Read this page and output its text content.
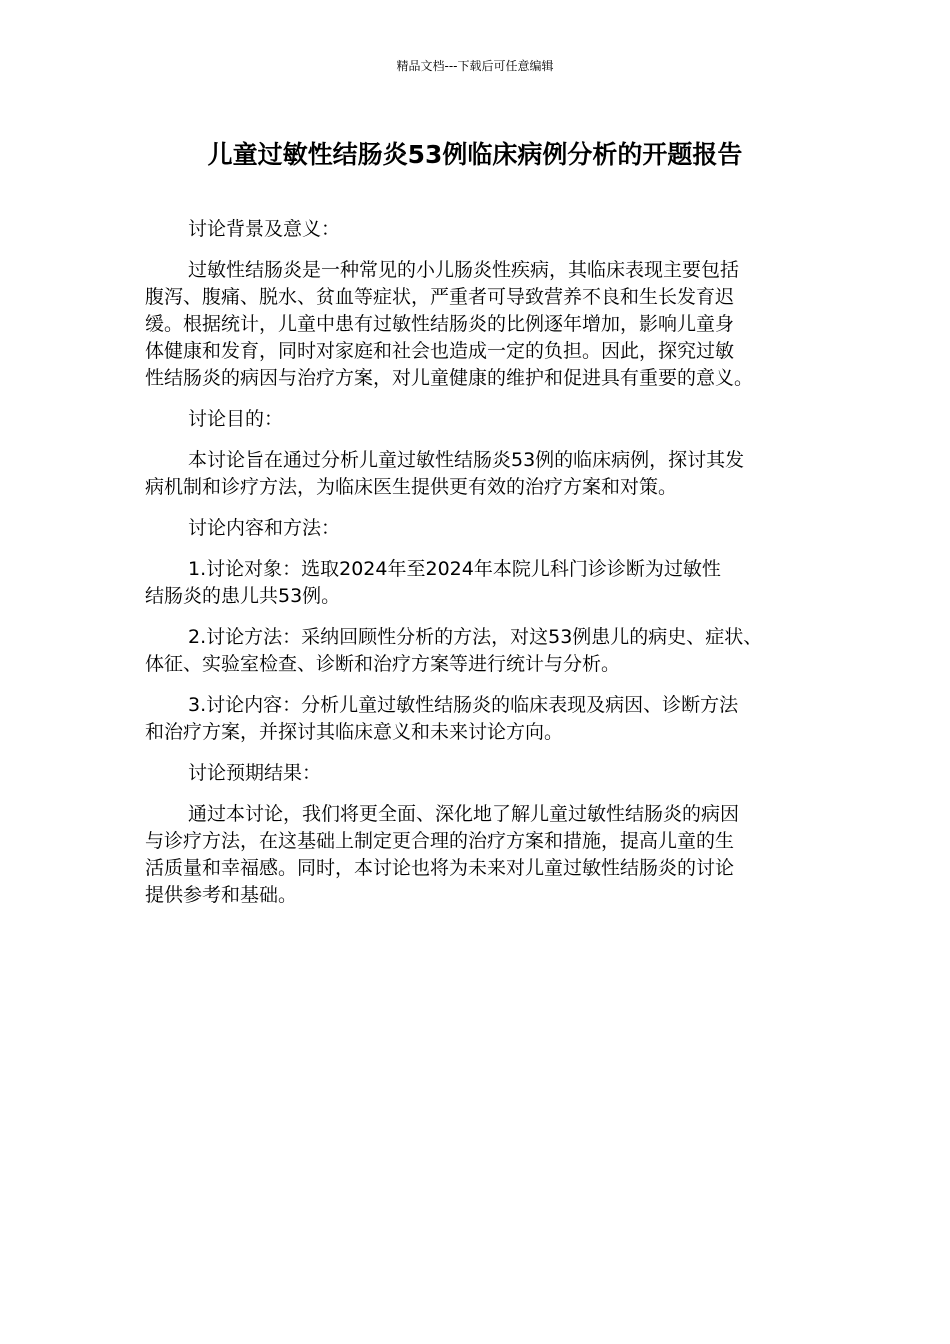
精品文档---下载后可任意编辑
儿童过敏性结肠炎53例临床病例分析的开题报告

讨论背景及意义：

过敏性结肠炎是一种常见的小儿肠炎性疾病，其临床表现主要包括
腹泻、腹痛、脱水、贫血等症状，严重者可导致营养不良和生长发育迟
缓。根据统计，儿童中患有过敏性结肠炎的比例逐年增加，影响儿童身
体健康和发育，同时对家庭和社会也造成一定的负担。因此，探究过敏
性结肠炎的病因与治疗方案，对儿童健康的维护和促进具有重要的意义。

讨论目的：

本讨论旨在通过分析儿童过敏性结肠炎53例的临床病例，探讨其发
病机制和诊疗方法，为临床医生提供更有效的治疗方案和对策。

讨论内容和方法：

1.讨论对象：选取2024年至2024年本院儿科门诊诊断为过敏性
结肠炎的患儿共53例。

2.讨论方法：采纳回顾性分析的方法，对这53例患儿的病史、症状、
体征、实验室检查、诊断和治疗方案等进行统计与分析。

3.讨论内容：分析儿童过敏性结肠炎的临床表现及病因、诊断方法
和治疗方案，并探讨其临床意义和未来讨论方向。

讨论预期结果：

通过本讨论，我们将更全面、深化地了解儿童过敏性结肠炎的病因
与诊疗方法，在这基础上制定更合理的治疗方案和措施，提高儿童的生
活质量和幸福感。同时，本讨论也将为未来对儿童过敏性结肠炎的讨论
提供参考和基础。
